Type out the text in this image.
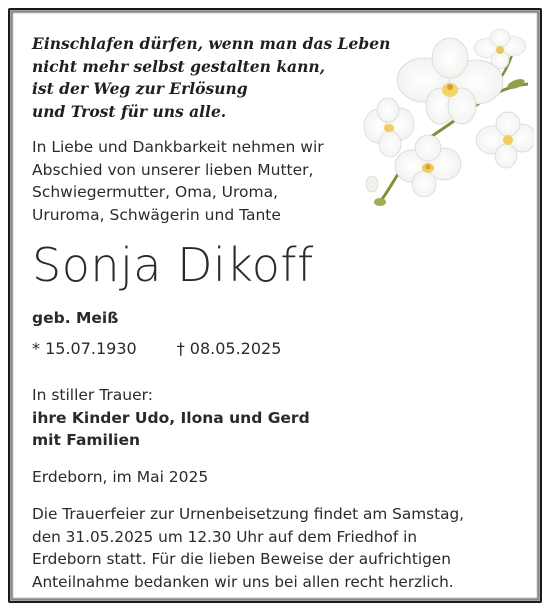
Einschlafen dürfen, wenn man das Leben
nicht mehr selbst gestalten kann,
ist der Weg zur Erlösung
und Trost für uns alle.
In Liebe und Dankbarkeit nehmen wir
Abschied von unserer lieben Mutter,
Schwiegermutter, Oma, Uroma,
Ururoma, Schwägerin und Tante
Sonja Dikoff
geb. Meiß
* 15.07.1930	† 08.05.2025
In stiller Trauer:
ihre Kinder Udo, Ilona und Gerd
mit Familien
Erdeborn, im Mai 2025
Die Trauerfeier zur Urnenbeisetzung findet am Samstag,
den 31.05.2025 um 12.30 Uhr auf dem Friedhof in
Erdeborn statt. Für die lieben Beweise der aufrichtigen
Anteilnahme bedanken wir uns bei allen recht herzlich.
